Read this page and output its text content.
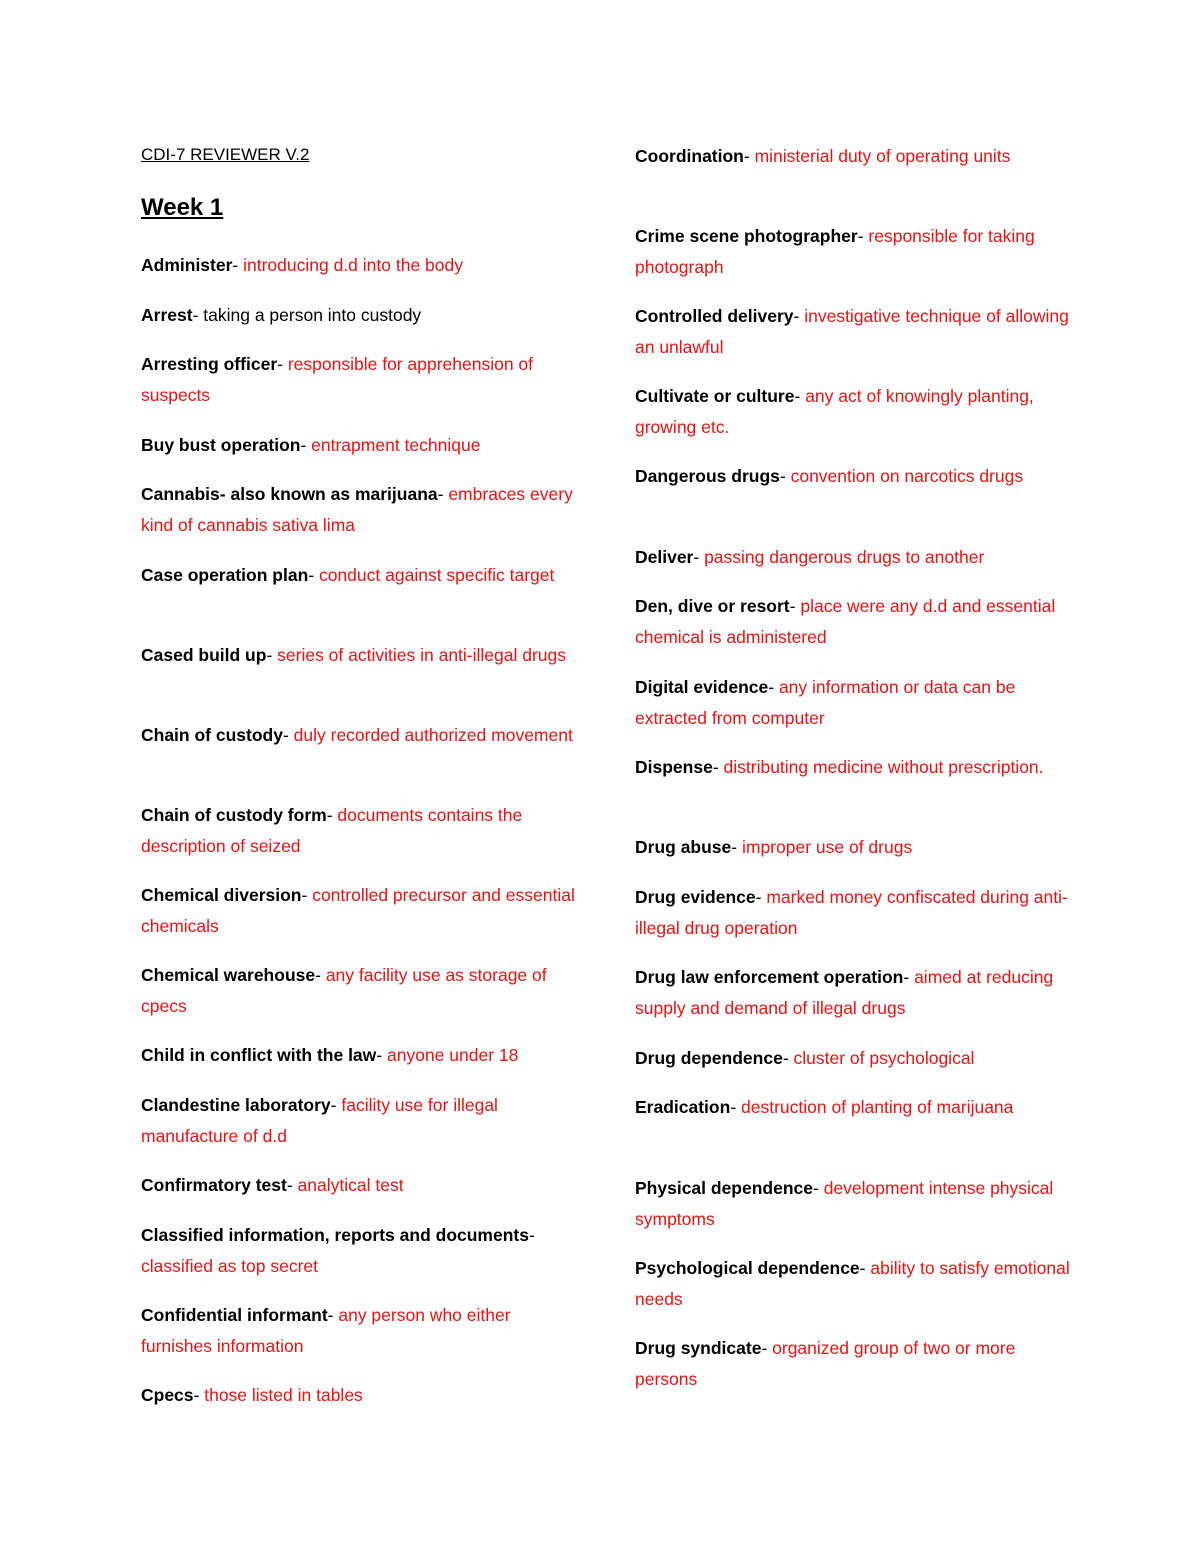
CDI-7 REVIEWER V.2
Week 1

Administer- introducing d.d into the body

Arrest- taking a person into custody

Arresting officer- responsible for apprehension of suspects

Buy bust operation- entrapment technique

Cannabis- also known as marijuana- embraces every kind of cannabis sativa lima

Case operation plan- conduct against specific target

Cased build up- series of activities in anti-illegal drugs

Chain of custody- duly recorded authorized movement

Chain of custody form- documents contains the description of seized

Chemical diversion- controlled precursor and essential chemicals

Chemical warehouse- any facility use as storage of cpecs

Child in conflict with the law- anyone under 18

Clandestine laboratory- facility use for illegal manufacture of d.d

Confirmatory test- analytical test

Classified information, reports and documents- classified as top secret

Confidential informant- any person who either furnishes information

Cpecs- those listed in tables

Coordination- ministerial duty of operating units

Crime scene photographer- responsible for taking photograph

Controlled delivery- investigative technique of allowing an unlawful

Cultivate or culture- any act of knowingly planting, growing etc.

Dangerous drugs- convention on narcotics drugs

Deliver- passing dangerous drugs to another

Den, dive or resort- place were any d.d and essential chemical is administered

Digital evidence- any information or data can be extracted from computer

Dispense- distributing medicine without prescription.

Drug abuse- improper use of drugs

Drug evidence- marked money confiscated during anti-illegal drug operation

Drug law enforcement operation- aimed at reducing supply and demand of illegal drugs

Drug dependence- cluster of psychological

Eradication- destruction of planting of marijuana

Physical dependence- development intense physical symptoms

Psychological dependence- ability to satisfy emotional needs

Drug syndicate- organized group of two or more persons
